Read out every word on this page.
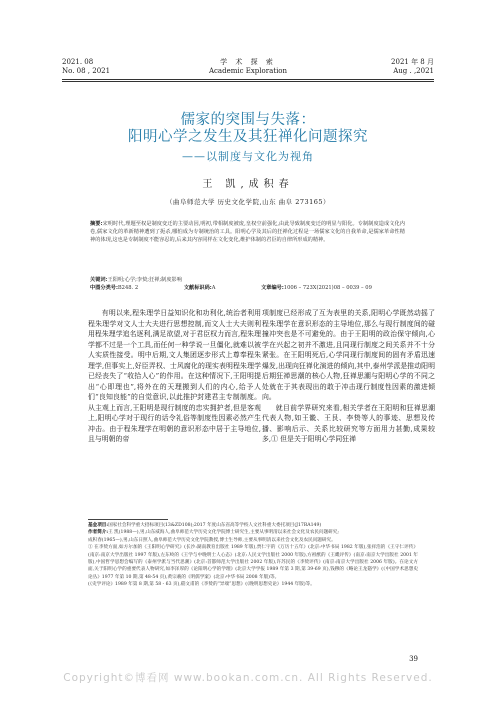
2021. 08
No. 08 , 2021
学 术 探 索
Academic Exploration
2021 年 8 月
Aug . ,2021
儒家的突围与失落：
阳明心学之发生及其狂禅化问题探究
——以制度与文化为视角
王 凯,成积春
（曲阜师范大学 历史文化学院,山东 曲阜 273165）
摘要:宋明时代,理题至权是制度变迁的主要动因,明初,带相制度被废,皇权空前强化,由此导致制度变迁的明显与阳化。专制制度造成文化内卷,儒家文化的革新精神遭到了扼杀,哪怕成为专制统治的工具。阳明心学及其后的狂禅化过程是一场儒家文化的自我革命,是儒家革命性精神的体现,这也是专制制度不能容忍的,后来其内容同样在文化变化,维护体制的君臣的自律所形成的精神。
关键词:王阳明;心学;李贽;狂禅;制度影响
中图分类号:B248. 2	文献标识码:A	文章编号:1006 – 723X(2021)08 – 0039 – 09

有明以来,程朱理学日益知识化和功利化,统治者利用程朱理学对文人士大夫进行思想控制,而文人士大夫则利用程朱理学追名逐利,满足欲望,对于君臣权力而言,程朱理学都不过是一个工具,而任何一种学说一旦僵化,就难以被人实质性接受。明中后期,文人集团逐步形式上尊奉程朱理学,但事实上,好臣弄权、士风腐化的现实表明程朱理学已经丧失了“收拾人心”的作用。在这种情况下,王阳明提出“心即理也”,将外在的天理搬到人们的内心,给予人们“良知良能”的自觉意识,以此推护封建君主专制制度。从主观上而言,王阳明是现行制度的忠实拥护者,但是客观上,阳明心学对于现行的话令礼俗等制度性因素必然产生冲击。由于程朱理学在明朝的意识形态中居于主导地位,且与明朝的帝

项制度已经形成了互为表里的关系,阳明心学既然动摇了程朱理学在意识形态的主导地位,那么与现行制度间的碰撞冲突也是不可避免的。由于王阳明的政治保守倾向,心学在兴起之初并不激进,且同现行制度之间关系并不十分紧张。在王阳明死后,心学同现行制度间的固有矛盾迅速爆发,出现向狂禅化演进的倾向,其中,泰州学派是推动阳明后期狂禅思潮的核心人物,狂禅思潮与阳明心学的不同之处就在于其表现出的敢于冲击现行制度性因素的激进倾向。

就目前学界研究来看,相关学者在王阳明和狂禅思潮代表人物,如王畿、王艮、李贽等人的事迹、思想及传播、影响后示、关系比较研究等方面用力甚勤,成果较多,① 但是关于阳明心学同狂禅

基金项目:国家社会科学重大招标项目(13&ZD108);2017 年度山东省高等学校人文社科重大委托项目(J17RA149)

作者简介:王 凯(1988—),男,山东威海人,曲阜师范大学历史文化学院博士研究生,主要从事明清以来社会文化及农民问题研究;

成积春(1965—),男,山东日照人,曲阜师范大学历史文化学院教授,博士生导师,主要从事明清以来社会文化及农民问题研究。

① 在李贽方面,如方尔加的《王阳明心学研究》(长沙:湖南教育出版社 1989 年版),贾仁宇的《万历十五年》(北京:中华书局 1982 年版),张祥浩的《王守仁评传》(南京:南京大学出版社 1997 年版),左东岭的《王学与中晚明士人心态》(北京:人民文学出版社 2000 年版),方祖猷的《王畿评传》(南京:南京大学出版社 2001 年版),中国哲学思想会编写的《泰州学派与当代思潮》(北京:首都师范大学出版社 2002 年版),许苏民的《李贽评传》(南京:南京大学出版社 2006 年版)。在论文方面,关于阳明心学的重要代表人物研究,如李泽厚的《论阳明心学的学理》(北京大学学报 1989 年第 3 期,第 39-69 页),钱穆的《略论王龙谿学》(《中国学术思想史论丛》1977 年第 10 期,第 48-54 页),黄宗羲的《明儒学案》(北京:中华书局 2008 年版)等。

(《史学评论》1989 年第 8 期,第 58 - 63 页),嵇文甫的《李贽的“异端”思想》(《晚明思想史论》1944 年版)等。

39
Copyright©博看网 www.bookan.com.cn. All Rights Reserved.
